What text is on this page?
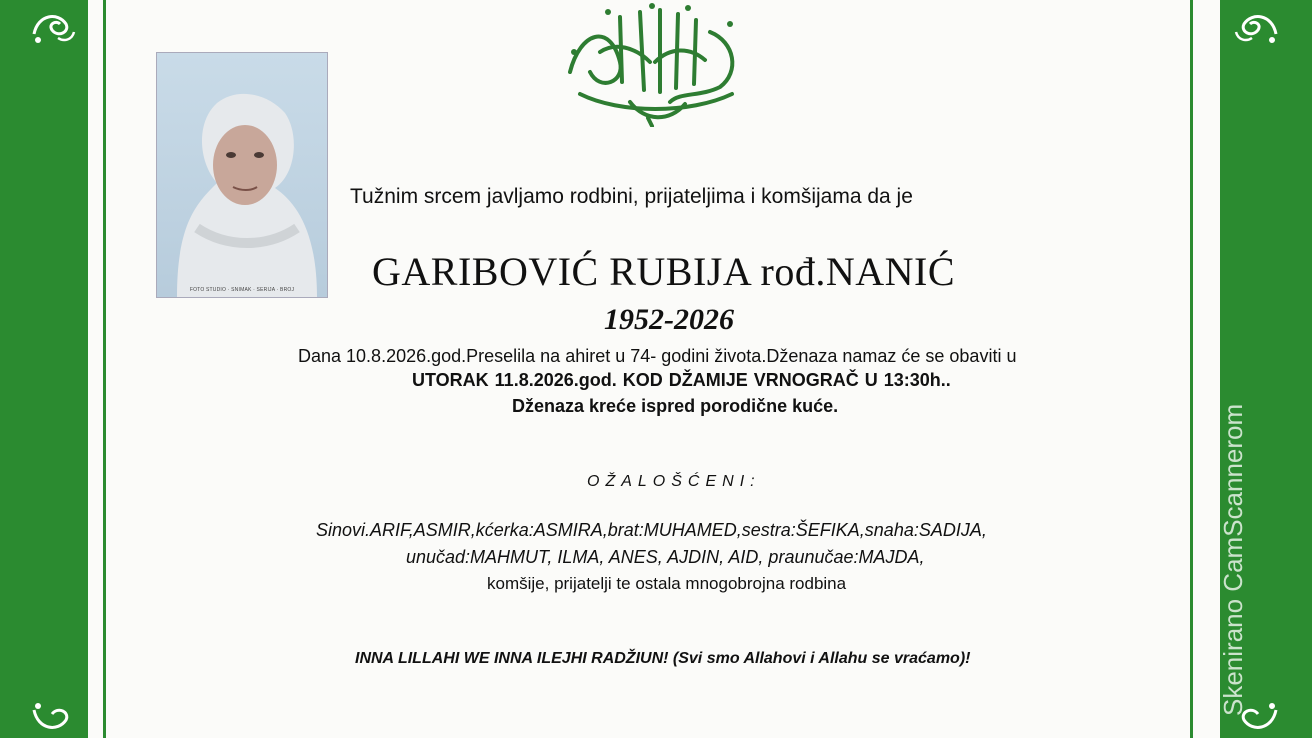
FOTO STUDIO · SNIMAK · SERIJA · BROJ
Tužnim srcem javljamo rodbini, prijateljima i komšijama da je
GARIBOVIĆ RUBIJA rođ.NANIĆ
1952-2026
Dana 10.8.2026.god.Preselila na ahiret u 74- godini života.Dženaza namaz će se obaviti u
UTORAK 11.8.2026.god. KOD DŽAMIJE VRNOGRAČ U 13:30h..
Dženaza kreće ispred porodične kuće.
OŽALOŠĆENI:
Sinovi.ARIF,ASMIR,kćerka:ASMIRA,brat:MUHAMED,sestra:ŠEFIKA,snaha:SADIJA,
unučad:MAHMUT, ILMA, ANES, AJDIN, AID, praunučae:MAJDA,
komšije, prijatelji te ostala mnogobrojna rodbina
INNA LILLAHI WE INNA ILEJHI RADŽIUN! (Svi smo Allahovi i Allahu se vraćamo)!	Skenirano CamScannerom
